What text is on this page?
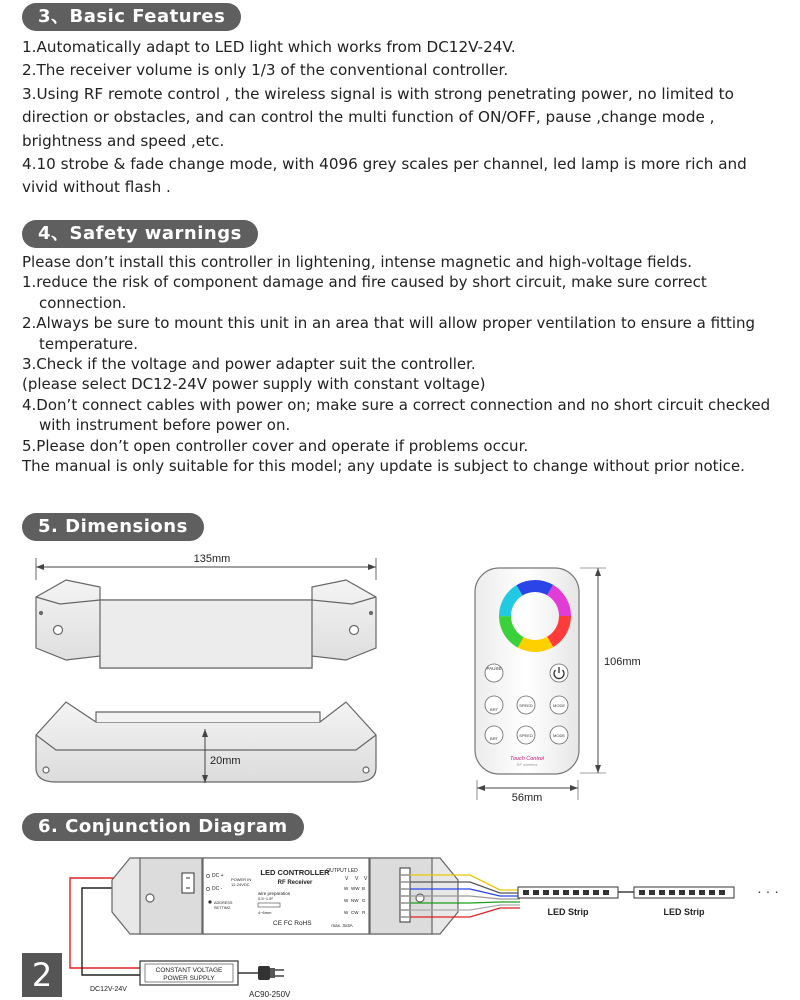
3、Basic Features

1.Automatically adapt to LED light which works from DC12V-24V.

2.The receiver volume is only 1/3 of the conventional controller.

3.Using RF remote control , the wireless signal is with strong penetrating power, no limited to direction or obstacles, and can control the multi function of ON/OFF, pause ,change mode , brightness and speed ,etc.

4.10 strobe & fade change mode, with 4096 grey scales per channel, led lamp is more rich and vivid without flash .

4、Safety warnings

Please don’t install this controller in lightening, intense magnetic and high-voltage fields.

1.reduce the risk of component damage and fire caused by short circuit, make sure correct connection.

2.Always be sure to mount this unit in an area that will allow proper ventilation to ensure a fitting temperature.

3.Check if the voltage and power adapter suit the controller.

(please select DC12-24V power supply with constant voltage)

4.Don’t connect cables with power on; make sure a correct connection and no short circuit checked with instrument before power on.

5.Please don’t open controller cover and operate if problems occur.

The manual is only suitable for this model; any update is subject to change without prior notice.

5. Dimensions
135mm
20mm
PAUSE
BRT
SPEED	MODE
BRT
SPEED	MODE
Touch Control
RF wireless
106mm
56mm
6. Conjunction Diagram
LED CONTROLLER
RF Receiver
OUTPUT LED
DC +
DC -
POWER IN
12-24VDC
ADDRESS
SETTING
wire preparation
0.5~1.5²
4~6mm
CE FC RoHS	max. 3x3A
V V V
W WW B
W NW G
W CW R
· · ·
LED Strip	LED Strip
CONSTANT VOLTAGE
POWER SUPPLY
DC12V-24V
AC90-250V
2
